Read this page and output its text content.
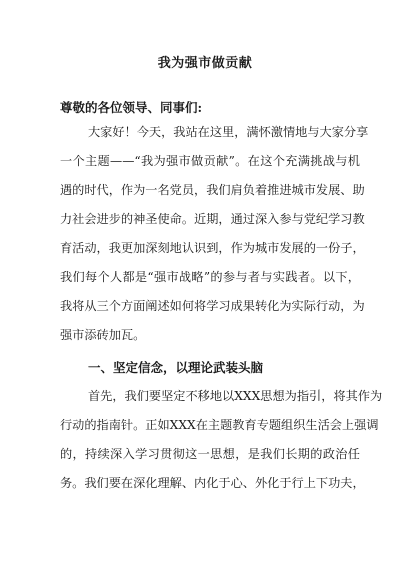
我为强市做贡献

尊敬的各位领导、同事们:

大家好！今天，我站在这里，满怀激情地与大家分享

一个主题——“我为强市做贡献”。在这个充满挑战与机

遇的时代，作为一名党员，我们肩负着推进城市发展、助

力社会进步的神圣使命。近期，通过深入参与党纪学习教

育活动，我更加深刻地认识到，作为城市发展的一份子，

我们每个人都是“强市战略”的参与者与实践者。以下，

我将从三个方面阐述如何将学习成果转化为实际行动，为

强市添砖加瓦。

一、坚定信念，以理论武装头脑

首先，我们要坚定不移地以XXX思想为指引，将其作为

行动的指南针。正如XXX在主题教育专题组织生活会上强调

的，持续深入学习贯彻这一思想，是我们长期的政治任

务。我们要在深化理解、内化于心、外化于行上下功夫，
